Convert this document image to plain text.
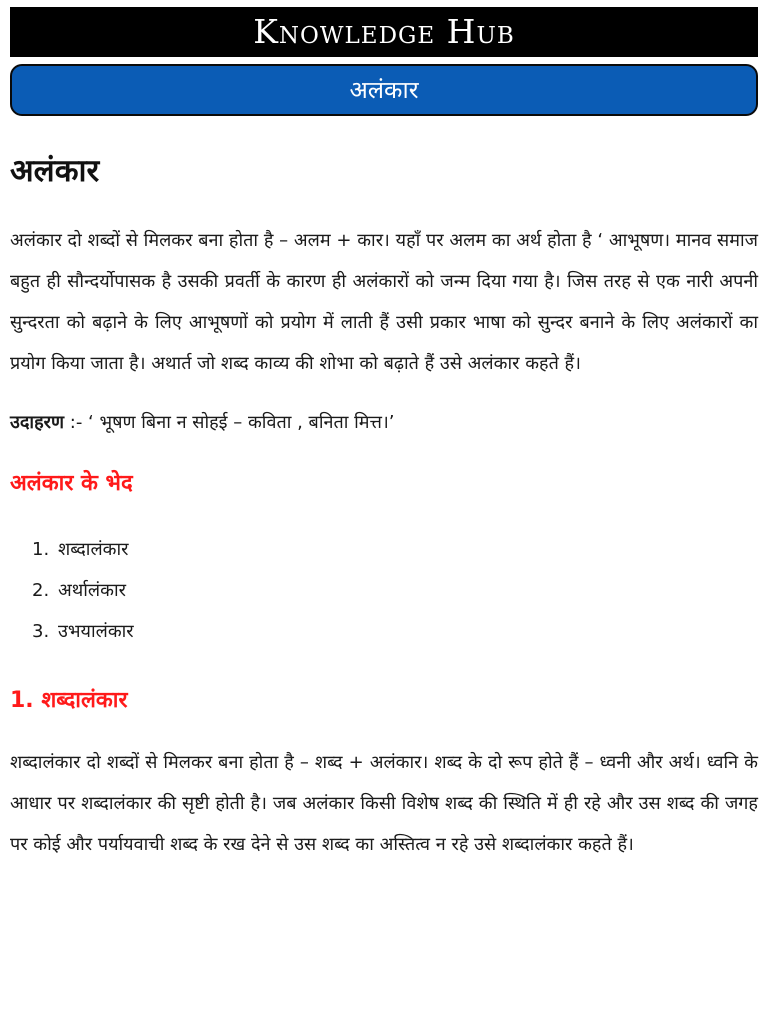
Knowledge Hub
अलंकार
अलंकार

अलंकार दो शब्दों से मिलकर बना होता है – अलम + कार। यहाँ पर अलम का अर्थ होता है ‘ आभूषण। मानव समाज बहुत ही सौन्दर्योपासक है उसकी प्रवर्ती के कारण ही अलंकारों को जन्म दिया गया है। जिस तरह से एक नारी अपनी सुन्दरता को बढ़ाने के लिए आभूषणों को प्रयोग में लाती हैं उसी प्रकार भाषा को सुन्दर बनाने के लिए अलंकारों का प्रयोग किया जाता है। अथार्त जो शब्द काव्य की शोभा को बढ़ाते हैं उसे अलंकार कहते हैं।

उदाहरण :- ‘ भूषण बिना न सोहई – कविता , बनिता मित्त।’

अलंकार के भेद
1. शब्दालंकार
2. अर्थालंकार
3. उभयालंकार
1. शब्दालंकार

शब्दालंकार दो शब्दों से मिलकर बना होता है – शब्द + अलंकार। शब्द के दो रूप होते हैं – ध्वनी और अर्थ। ध्वनि के आधार पर शब्दालंकार की सृष्टी होती है। जब अलंकार किसी विशेष शब्द की स्थिति में ही रहे और उस शब्द की जगह पर कोई और पर्यायवाची शब्द के रख देने से उस शब्द का अस्तित्व न रहे उसे शब्दालंकार कहते हैं।
